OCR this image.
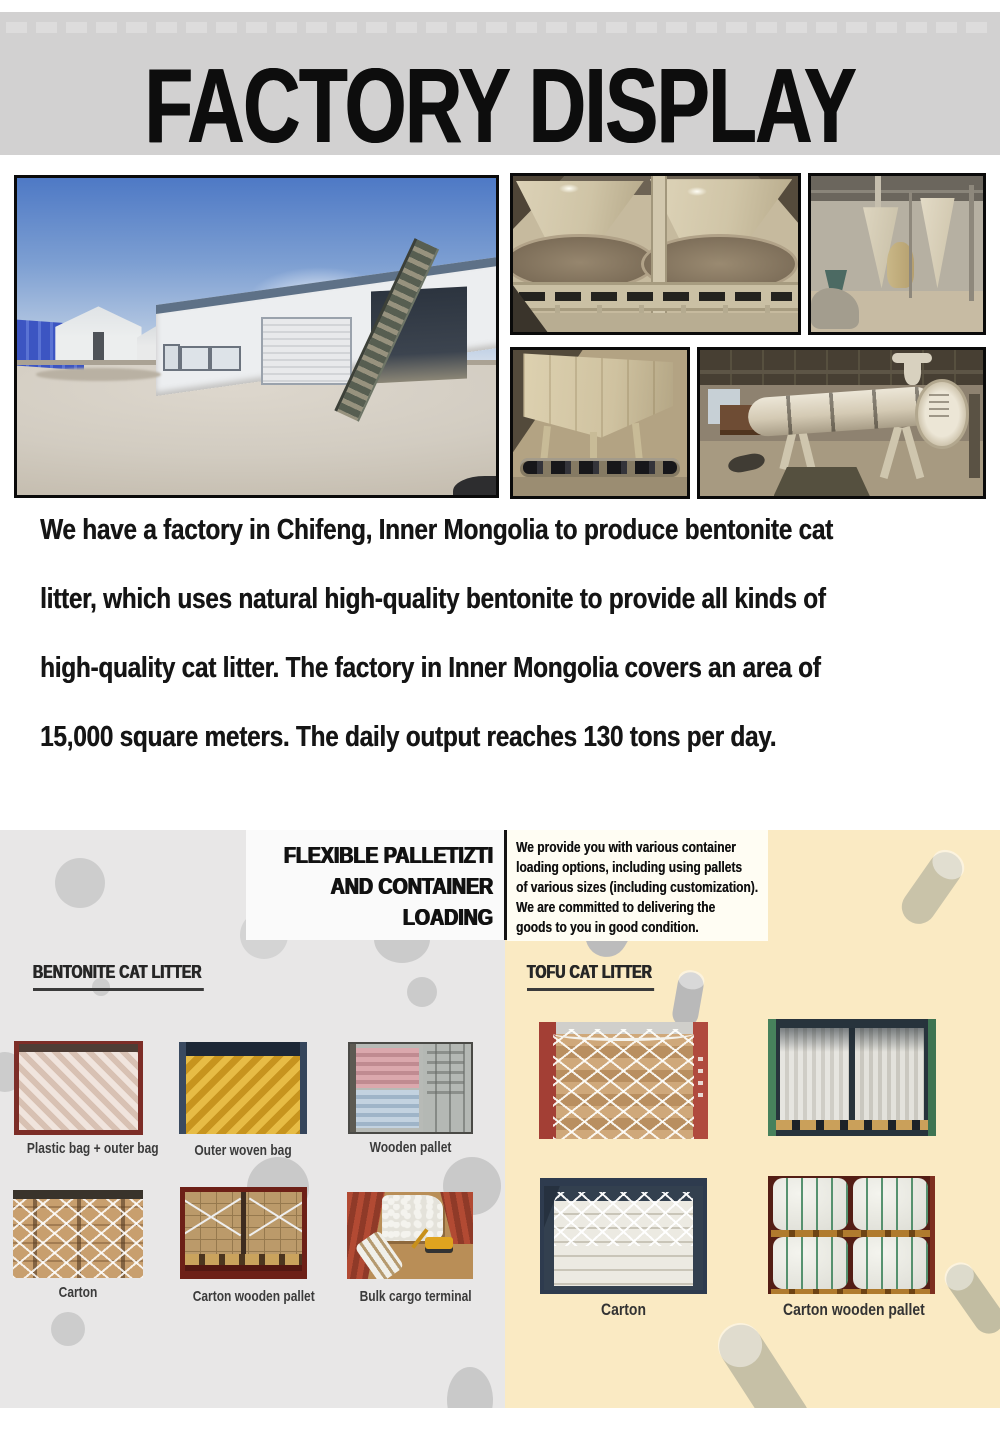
FACTORY DISPLAY
We have a factory in Chifeng, Inner Mongolia to produce bentonite cat
litter, which uses natural high-quality bentonite to provide all kinds of
high-quality cat litter. The factory in Inner Mongolia covers an area of
15,000 square meters. The daily output reaches 130 tons per day.
FLEXIBLE PALLETIZTI
AND CONTAINER
LOADING
We provide you with various container
loading options, including using pallets
of various sizes (including customization).
We are committed to delivering the
goods to you in good condition.
BENTONITE CAT LITTER	TOFU CAT LITTER
Plastic bag + outer bag Outer woven bag	Wooden pallet
Carton	Carton wooden pallet	Bulk cargo terminal
Carton	Carton wooden pallet
